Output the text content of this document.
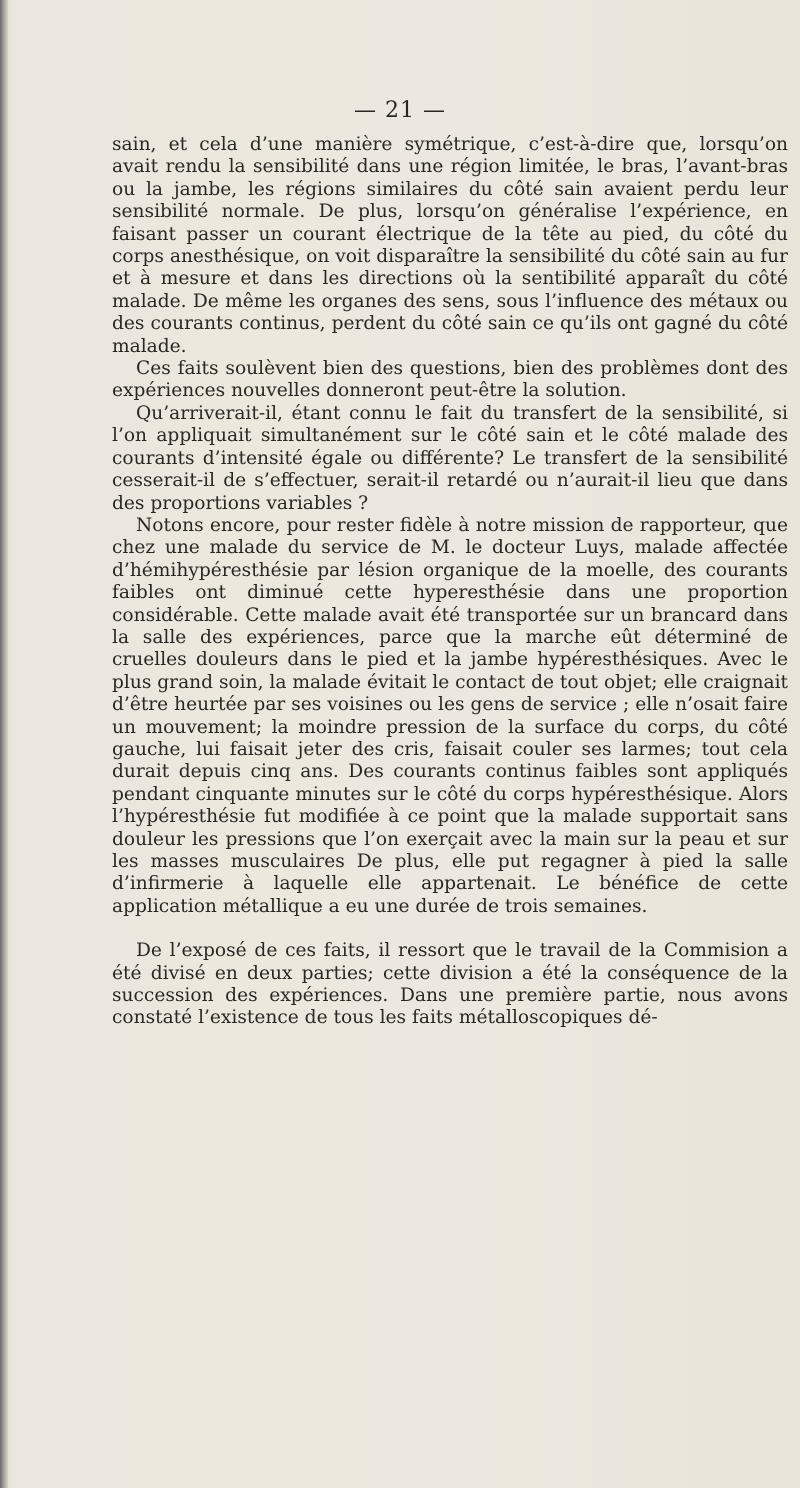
— 21 —

sain, et cela d’une manière symétrique, c’est-à-dire que, lorsqu’on avait rendu la sensibilité dans une région limitée, le bras, l’avant-bras ou la jambe, les régions similaires du côté sain avaient perdu leur sensibilité normale. De plus, lorsqu’on généralise l’expérience, en faisant passer un courant électrique de la tête au pied, du côté du corps anesthésique, on voit disparaître la sensibilité du côté sain au fur et à mesure et dans les directions où la sentibilité apparaît du côté malade. De même les organes des sens, sous l’influence des métaux ou des courants continus, perdent du côté sain ce qu’ils ont gagné du côté malade.

Ces faits soulèvent bien des questions, bien des problèmes dont des expériences nouvelles donneront peut-être la solution.

Qu’arriverait-il, étant connu le fait du transfert de la sensibilité, si l’on appliquait simultanément sur le côté sain et le côté malade des courants d’intensité égale ou différente? Le transfert de la sensibilité cesserait-il de s’effectuer, serait-il retardé ou n’aurait-il lieu que dans des proportions variables ?

Notons encore, pour rester fidèle à notre mission de rapporteur, que chez une malade du service de M. le docteur Luys, malade affectée d’hémihypéresthésie par lésion organique de la moelle, des courants faibles ont diminué cette hyperesthésie dans une proportion considérable. Cette malade avait été transportée sur un brancard dans la salle des expériences, parce que la marche eût déterminé de cruelles douleurs dans le pied et la jambe hypéresthésiques. Avec le plus grand soin, la malade évitait le contact de tout objet; elle craignait d’être heurtée par ses voisines ou les gens de service ; elle n’osait faire un mouvement; la moindre pression de la surface du corps, du côté gauche, lui faisait jeter des cris, faisait couler ses larmes; tout cela durait depuis cinq ans. Des courants continus faibles sont appliqués pendant cinquante minutes sur le côté du corps hypéresthésique. Alors l’hypéresthésie fut modifiée à ce point que la malade supportait sans douleur les pressions que l’on exerçait avec la main sur la peau et sur les masses musculaires De plus, elle put regagner à pied la salle d’infirmerie à laquelle elle appartenait. Le bénéfice de cette application métallique a eu une durée de trois semaines.

De l’exposé de ces faits, il ressort que le travail de la Commision a été divisé en deux parties; cette division a été la conséquence de la succession des expériences. Dans une première partie, nous avons constaté l’existence de tous les faits métalloscopiques dé-
